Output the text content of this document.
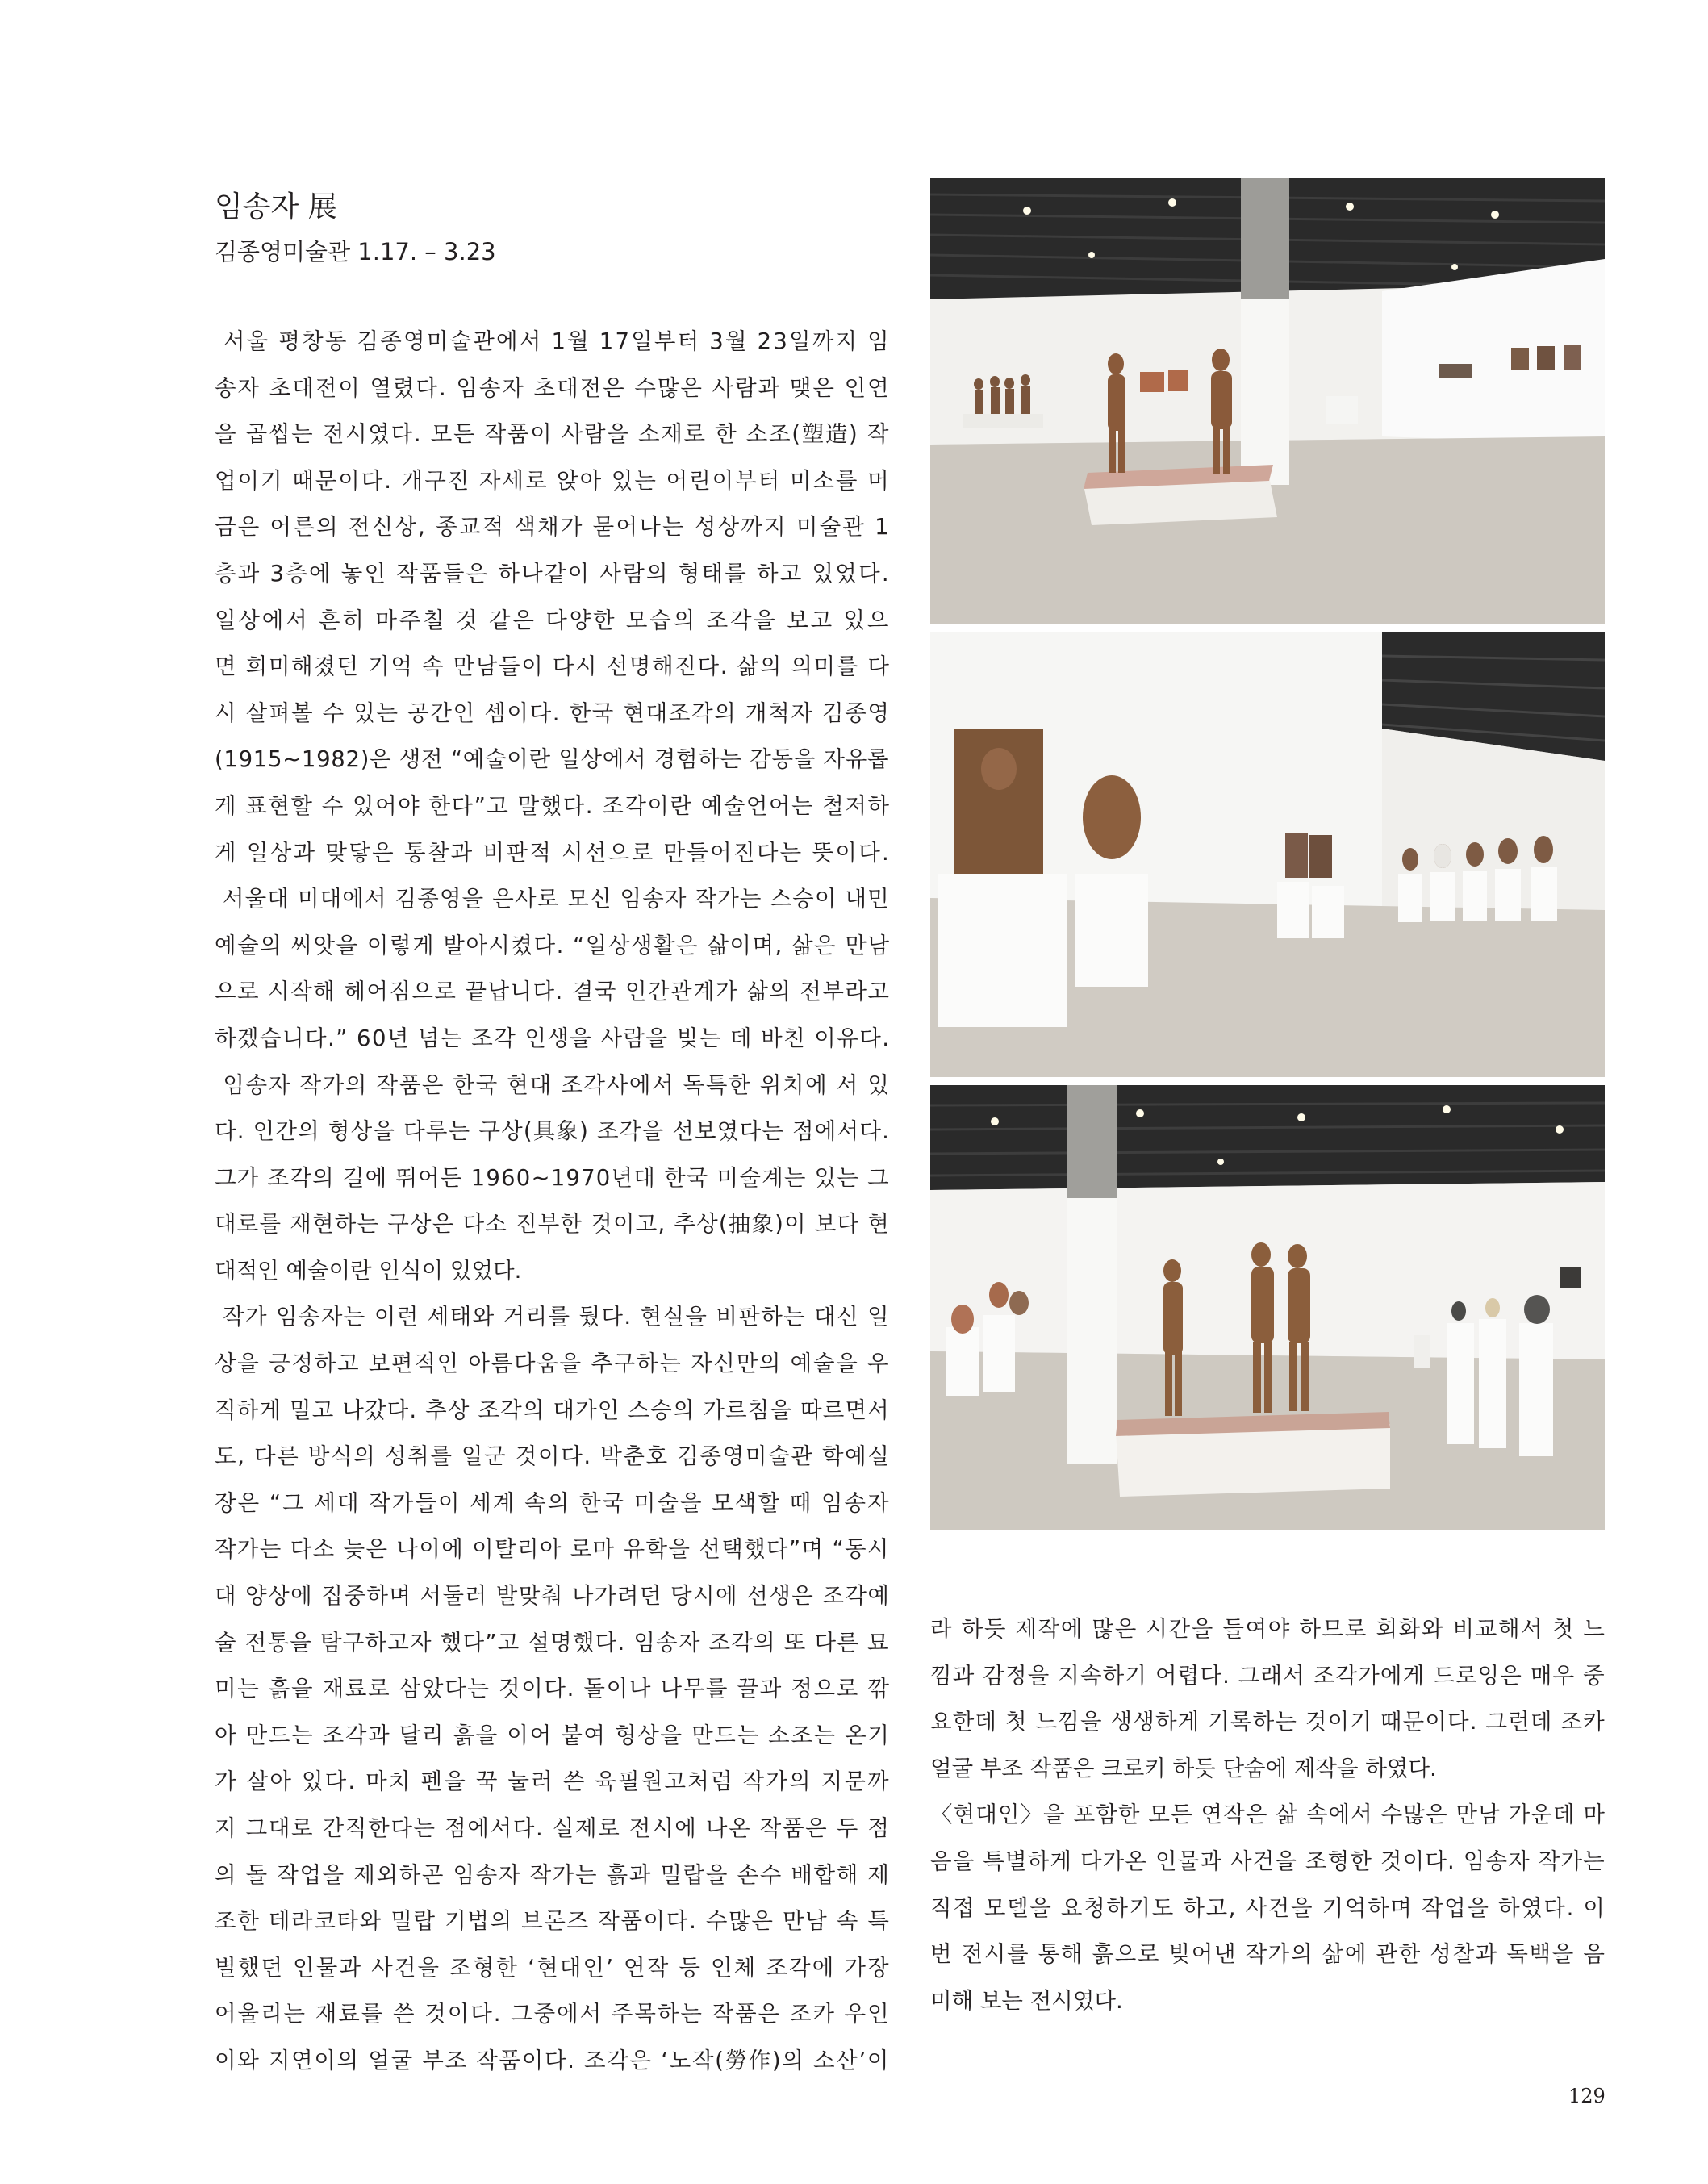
임송자 展

김종영미술관 1.17. – 3.23

서 울
평 창 동
김 종 영 미 술 관 에 서
1 월
1 7 일 부 터
3 월
2 3 일 까 지
임
송 자
초 대 전 이
열 렸 다 .
임 송 자
초 대 전 은
수 많 은
사 람 과
맺 은
인 연
을
곱 씹 는
전 시 였 다 .
모 든
작 품 이
사 람 을
소 재 로
한
소 조 ( 塑 造 )
작
업 이 기
때 문 이 다 .
개 구 진
자 세 로
앉 아
있 는
어 린 이 부 터
미 소 를
머
금 은
어 른 의
전 신 상 ,
종 교 적
색 채 가
묻 어 나 는
성 상 까 지
미 술 관
1
층 과
3 층 에
놓 인
작 품 들 은
하 나 같 이
사 람 의
형 태 를
하 고
있 었 다 .
일 상 에 서
흔 히
마 주 칠
것
같 은
다 양 한
모 습 의
조 각 을
보 고
있 으
면
희 미 해 졌 던
기 억
속
만 남 들 이
다 시
선 명 해 진 다 .
삶 의
의 미 를
다
시
살 펴 볼
수
있 는
공 간 인
셈 이 다 .
한 국
현 대 조 각 의
개 척 자
김 종 영
( 1 9 1 5 ~ 1 9 8 2 ) 은
생 전
“ 예 술 이 란
일 상 에 서
경 험 하 는
감 동 을
자 유 롭
게
표 현 할
수
있 어 야
한 다 ” 고
말 했 다 .
조 각 이 란
예 술 언 어 는
철 저 하
게
일 상 과
맞 닿 은
통 찰 과
비 판 적
시 선 으 로
만 들 어 진 다 는
뜻 이 다 .

서 울 대
미 대 에 서
김 종 영 을
은 사 로
모 신
임 송 자
작 가 는
스 승 이
내 민
예 술 의
씨 앗 을
이 렇 게
발 아 시 켰 다 .
“ 일 상 생 활 은
삶 이 며 ,
삶 은
만 남
으 로
시 작 해
헤 어 짐 으 로
끝 납 니 다 .
결 국
인 간 관 계 가
삶 의
전 부 라 고
하 겠 습 니 다 . ”
6 0 년
넘 는
조 각
인 생 을
사 람 을
빚 는
데
바 친
이 유 다 .

임 송 자
작 가 의
작 품 은
한 국
현 대
조 각 사 에 서
독 특 한
위 치 에
서
있
다 .
인 간 의
형 상 을
다 루 는
구 상 ( 具 象 )
조 각 을
선 보 였 다 는
점 에 서 다 .
그 가
조 각 의
길 에
뛰 어 든
1 9 6 0 ~ 1 9 7 0 년 대
한 국
미 술 계 는
있 는
그
대 로 를
재 현 하 는
구 상 은
다 소
진 부 한
것 이 고 ,
추 상 ( 抽 象 ) 이
보 다
현
대적인 예술이란 인식이 있었다.

작 가
임 송 자 는
이 런
세 태 와
거 리 를
뒀 다 .
현 실 을
비 판 하 는
대 신
일
상 을
긍 정 하 고
보 편 적 인
아 름 다 움 을
추 구 하 는
자 신 만 의
예 술 을
우
직 하 게
밀 고
나 갔 다 .
추 상
조 각 의
대 가 인
스 승 의
가 르 침 을
따 르 면 서
도 ,
다 른
방 식 의
성 취 를
일 군
것 이 다 .
박 춘 호
김 종 영 미 술 관
학 예 실
장 은
“ 그
세 대
작 가 들 이
세 계
속 의
한 국
미 술 을
모 색 할
때
임 송 자
작 가 는
다 소
늦 은
나 이 에
이 탈 리 아
로 마
유 학 을
선 택 했 다 ” 며
“ 동 시
대
양 상 에
집 중 하 며
서 둘 러
발 맞 춰
나 가 려 던
당 시 에
선 생 은
조 각 예
술
전 통 을
탐 구 하 고 자
했 다 ” 고
설 명 했 다 .
임 송 자
조 각 의
또
다 른
묘
미 는
흙 을
재 료 로
삼 았 다 는
것 이 다 .
돌 이 나
나 무 를
끌 과
정 으 로
깎
아
만 드 는
조 각 과
달 리
흙 을
이 어
붙 여
형 상 을
만 드 는
소 조 는
온 기
가
살 아
있 다 .
마 치
펜 을
꾹
눌 러
쓴
육 필 원 고 처 럼
작 가 의
지 문 까
지
그 대 로
간 직 한 다 는
점 에 서 다 .
실 제 로
전 시 에
나 온
작 품 은
두
점
의
돌
작 업 을
제 외 하 곤
임 송 자
작 가 는
흙 과
밀 랍 을
손 수
배 합 해
제
조 한
테 라 코 타 와
밀 랍
기 법 의
브 론 즈
작 품 이 다 .
수 많 은
만 남
속
특
별 했 던
인 물 과
사 건 을
조 형 한
‘ 현 대 인 ’
연 작
등
인 체
조 각 에
가 장
어 울 리 는
재 료 를
쓴
것 이 다 .
그 중 에 서
주 목 하 는
작 품 은
조 카
우 인
이 와
지 연 이 의
얼 굴
부 조
작 품 이 다 .
조 각 은
‘ 노 작 ( 勞 作 ) 의
소 산 ’ 이
라
하 듯
제 작 에
많 은
시 간 을
들 여 야
하 므 로
회 화 와
비 교 해 서
첫
느
낌 과
감 정 을
지 속 하 기
어 렵 다 .
그 래 서
조 각 가 에 게
드 로 잉 은
매 우
중
요 한 데
첫
느 낌 을
생 생 하 게
기 록 하 는
것 이 기
때 문 이 다 .
그 런 데
조 카
얼굴 부조 작품은 크로키 하듯 단숨에 제작을 하였다.
〈 현 대 인 〉 을
포 함 한
모 든
연 작 은
삶
속 에 서
수 많 은
만 남
가 운 데
마
음 을
특 별 하 게
다 가 온
인 물 과
사 건 을
조 형 한
것 이 다 .
임 송 자
작 가 는
직 접
모 델 을
요 청 하 기 도
하 고 ,
사 건 을
기 억 하 며
작 업 을
하 였 다 .
이
번
전 시 를
통 해
흙 으 로
빚 어 낸
작 가 의
삶 에
관 한
성 찰 과
독 백 을
음
미해 보는 전시였다.

129
